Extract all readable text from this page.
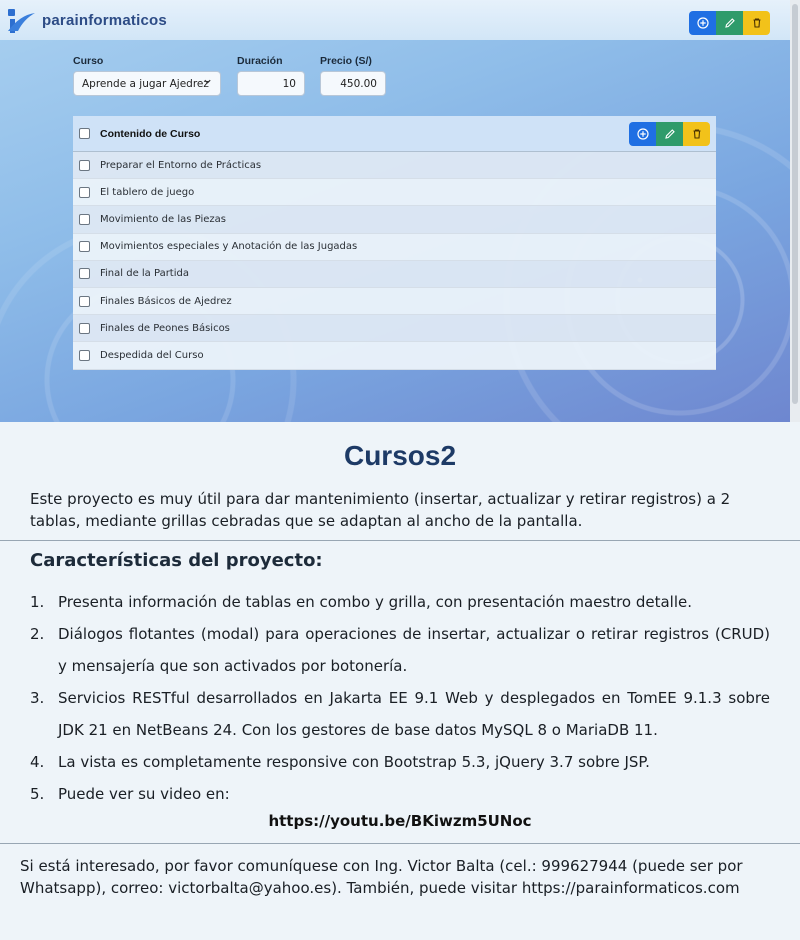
parainformaticos
Curso
Aprende a jugar Ajedrez
Duración
10
Precio (S/)
450.00
Contenido de Curso
Preparar el Entorno de Prácticas
El tablero de juego
Movimiento de las Piezas
Movimientos especiales y Anotación de las Jugadas
Final de la Partida
Finales Básicos de Ajedrez
Finales de Peones Básicos
Despedida del Curso
Cursos2
Este proyecto es muy útil para dar mantenimiento (insertar, actualizar y retirar registros) a 2 tablas, mediante grillas cebradas que se adaptan al ancho de la pantalla.
Características del proyecto:
1. Presenta información de tablas en combo y grilla, con presentación maestro detalle.
2. Diálogos flotantes (modal) para operaciones de insertar, actualizar o retirar registros (CRUD) y mensajería que son activados por botonería.
3. Servicios RESTful desarrollados en Jakarta EE 9.1 Web y desplegados en TomEE 9.1.3 sobre JDK 21 en NetBeans 24. Con los gestores de base datos MySQL 8 o MariaDB 11.
4. La vista es completamente responsive con Bootstrap 5.3, jQuery 3.7 sobre JSP.
5. Puede ver su video en:
https://youtu.be/BKiwzm5UNoc
Si está interesado, por favor comuníquese con Ing. Victor Balta (cel.: 999627944 (puede ser por Whatsapp), correo: victorbalta@yahoo.es). También, puede visitar https://parainformaticos.com
